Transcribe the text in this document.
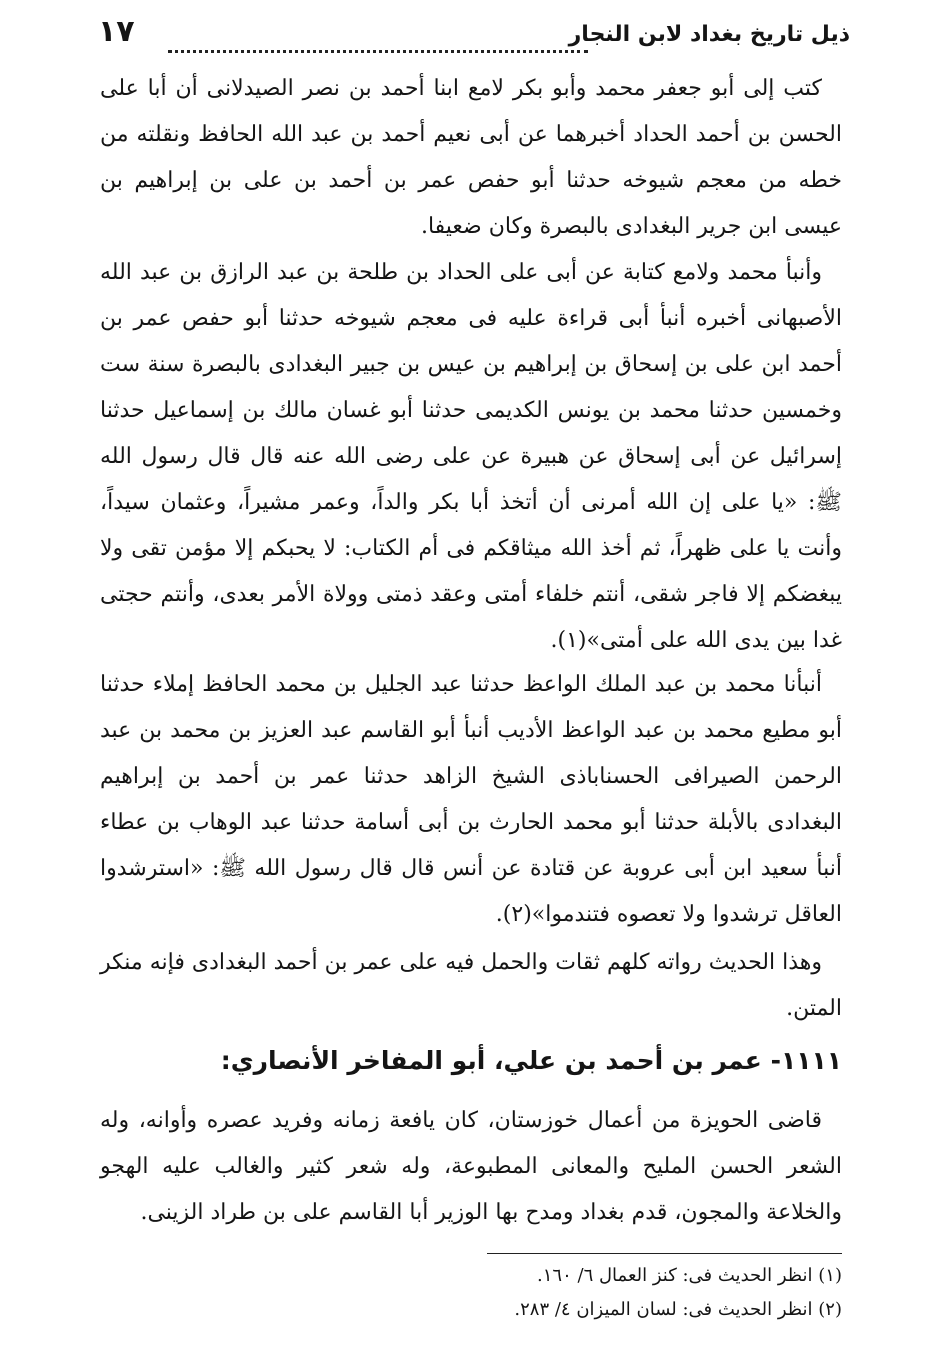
ذيل تاريخ بغداد لابن النجار
١٧

كتب إلى أبو جعفر محمد وأبو بكر لامع ابنا أحمد بن نصر الصيدلانى أن أبا على الحسن بن أحمد الحداد أخبرهما عن أبى نعيم أحمد بن عبد الله الحافظ ونقلته من خطه من معجم شيوخه حدثنا أبو حفص عمر بن أحمد بن على بن إبراهيم بن عيسى ابن جرير البغدادى بالبصرة وكان ضعيفا.

وأنبأ محمد ولامع كتابة عن أبى على الحداد بن طلحة بن عبد الرازق بن عبد الله الأصبهانى أخبره أنبأ أبى قراءة عليه فى معجم شيوخه حدثنا أبو حفص عمر بن أحمد ابن على بن إسحاق بن إبراهيم بن عيس بن جبير البغدادى بالبصرة سنة ست وخمسين حدثنا محمد بن يونس الكديمى حدثنا أبو غسان مالك بن إسماعيل حدثنا إسرائيل عن أبى إسحاق عن هبيرة عن على رضى الله عنه قال قال رسول الله ﷺ: «يا على إن الله أمرنى أن أتخذ أبا بكر والداً، وعمر مشيراً، وعثمان سيداً، وأنت يا على ظهراً، ثم أخذ الله ميثاقكم فى أم الكتاب: لا يحبكم إلا مؤمن تقى ولا يبغضكم إلا فاجر شقى، أنتم خلفاء أمتى وعقد ذمتى وولاة الأمر بعدى، وأنتم حجتى غدا بين يدى الله على أمتى»(١).

أنبأنا محمد بن عبد الملك الواعظ حدثنا عبد الجليل بن محمد الحافظ إملاء حدثنا أبو مطيع محمد بن عبد الواعظ الأديب أنبأ أبو القاسم عبد العزيز بن محمد بن عبد الرحمن الصيرافى الحسناباذى الشيخ الزاهد حدثنا عمر بن أحمد بن إبراهيم البغدادى بالأبلة حدثنا أبو محمد الحارث بن أبى أسامة حدثنا عبد الوهاب بن عطاء أنبأ سعيد ابن أبى عروبة عن قتادة عن أنس قال قال رسول الله ﷺ: «استرشدوا العاقل ترشدوا ولا تعصوه فتندموا»(٢).

وهذا الحديث رواته كلهم ثقات والحمل فيه على عمر بن أحمد البغدادى فإنه منكر المتن.

١١١١- عمر بن أحمد بن علي، أبو المفاخر الأنصاري:

قاضى الحويزة من أعمال خوزستان، كان يافعة زمانه وفريد عصره وأوانه، وله الشعر الحسن المليح والمعانى المطبوعة، وله شعر كثير والغالب عليه الهجو والخلاعة والمجون، قدم بغداد ومدح بها الوزير أبا القاسم على بن طراد الزينى.

(١) انظر الحديث فى: كنز العمال ٦/ ١٦٠.
(٢) انظر الحديث فى: لسان الميزان ٤/ ٢٨٣.
